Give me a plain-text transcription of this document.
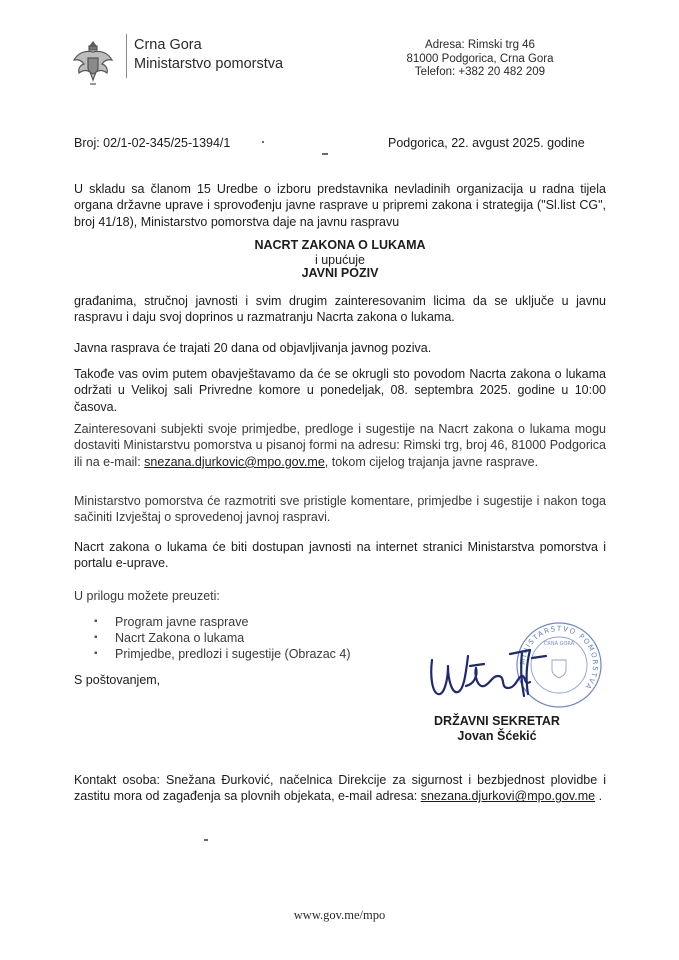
Crna Gora
Ministarstvo pomorstva
Adresa: Rimski trg 46
81000 Podgorica, Crna Gora
Telefon: +382 20 482 209
Broj: 02/1-02-345/25-1394/1	Podgorica, 22. avgust 2025. godine
U skladu sa članom 15 Uredbe o izboru predstavnika nevladinih organizacija u radna tijela organa državne uprave i sprovođenju javne rasprave u pripremi zakona i strategija ("Sl.list CG", broj 41/18), Ministarstvo pomorstva daje na javnu raspravu
NACRT ZAKONA O LUKAMA
i upućuje
JAVNI POZIV
građanima, stručnoj javnosti i svim drugim zainteresovanim licima da se uključe u javnu raspravu i daju svoj doprinos u razmatranju Nacrta zakona o lukama.
Javna rasprava će trajati 20 dana od objavljivanja javnog poziva.
Takođe vas ovim putem obavještavamo da će se okrugli sto povodom Nacrta zakona o lukama održati u Velikoj sali Privredne komore u ponedeljak, 08. septembra 2025. godine u 10:00 časova.
Zainteresovani subjekti svoje primjedbe, predloge i sugestije na Nacrt zakona o lukama mogu dostaviti Ministarstvu pomorstva u pisanoj formi na adresu: Rimski trg, broj 46, 81000 Podgorica ili na e-mail: snezana.djurkovic@mpo.gov.me, tokom cijelog trajanja javne rasprave.
Ministarstvo pomorstva će razmotriti sve pristigle komentare, primjedbe i sugestije i nakon toga sačiniti Izvještaj o sprovedenoj javnoj raspravi.
Nacrt zakona o lukama će biti dostupan javnosti na internet stranici Ministarstva pomorstva i portalu e-uprave.
U prilogu možete preuzeti:
▪ Program javne rasprave
▪ Nacrt Zakona o lukama
▪ Primjedbe, predlozi i sugestije (Obrazac 4)
S poštovanjem,
MINISTARSTVO POMORSTVA
CRNA GORA
DRŽAVNI SEKRETAR
Jovan Šćekić
Kontakt osoba: Snežana Đurković, načelnica Direkcije za sigurnost i bezbjednost plovidbe i zastitu mora od zagađenja sa plovnih objekata, e-mail adresa: snezana.djurkovi@mpo.gov.me .
www.gov.me/mpo
